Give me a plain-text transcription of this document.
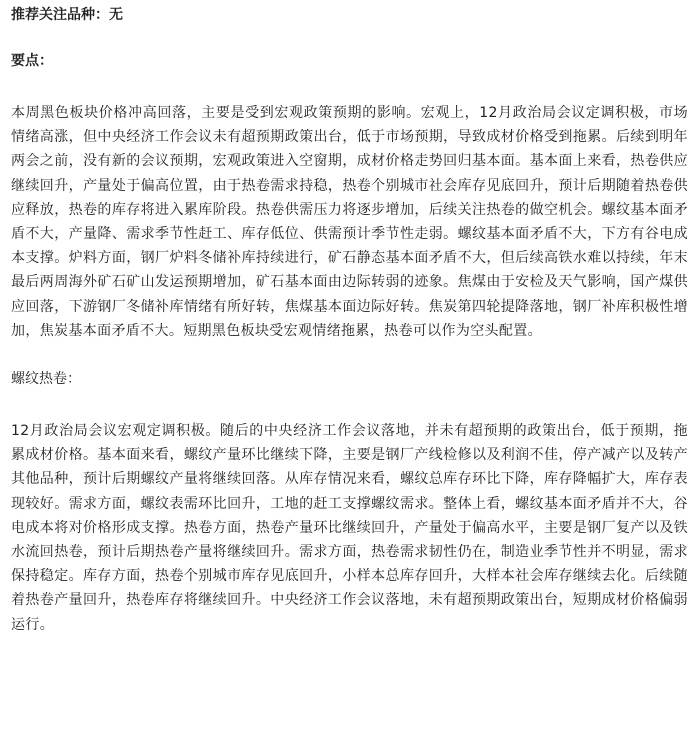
推荐关注品种：无

要点：

本周黑色板块价格冲高回落，主要是受到宏观政策预期的影响。宏观上，12月政治局会议定调积极，市场情绪高涨，但中央经济工作会议未有超预期政策出台，低于市场预期，导致成材价格受到拖累。后续到明年两会之前，没有新的会议预期，宏观政策进入空窗期，成材价格走势回归基本面。基本面上来看，热卷供应继续回升，产量处于偏高位置，由于热卷需求持稳，热卷个别城市社会库存见底回升，预计后期随着热卷供应释放，热卷的库存将进入累库阶段。热卷供需压力将逐步增加，后续关注热卷的做空机会。螺纹基本面矛盾不大，产量降、需求季节性赶工、库存低位、供需预计季节性走弱。螺纹基本面矛盾不大，下方有谷电成本支撑。炉料方面，钢厂炉料冬储补库持续进行，矿石静态基本面矛盾不大，但后续高铁水难以持续，年末最后两周海外矿石矿山发运预期增加，矿石基本面由边际转弱的迹象。焦煤由于安检及天气影响，国产煤供应回落，下游钢厂冬储补库情绪有所好转，焦煤基本面边际好转。焦炭第四轮提降落地，钢厂补库积极性增加，焦炭基本面矛盾不大。短期黑色板块受宏观情绪拖累，热卷可以作为空头配置。

螺纹热卷：

12月政治局会议宏观定调积极。随后的中央经济工作会议落地，并未有超预期的政策出台，低于预期，拖累成材价格。基本面来看，螺纹产量环比继续下降，主要是钢厂产线检修以及利润不佳，停产减产以及转产其他品种，预计后期螺纹产量将继续回落。从库存情况来看，螺纹总库存环比下降，库存降幅扩大，库存表现较好。需求方面，螺纹表需环比回升，工地的赶工支撑螺纹需求。整体上看，螺纹基本面矛盾并不大，谷电成本将对价格形成支撑。热卷方面，热卷产量环比继续回升，产量处于偏高水平，主要是钢厂复产以及铁水流回热卷，预计后期热卷产量将继续回升。需求方面，热卷需求韧性仍在，制造业季节性并不明显，需求保持稳定。库存方面，热卷个别城市库存见底回升，小样本总库存回升，大样本社会库存继续去化。后续随着热卷产量回升，热卷库存将继续回升。中央经济工作会议落地，未有超预期政策出台，短期成材价格偏弱运行。
